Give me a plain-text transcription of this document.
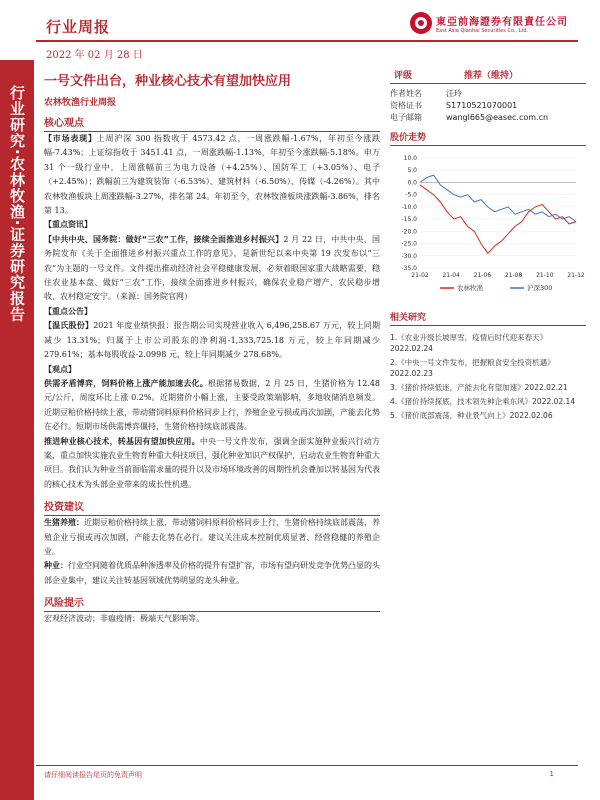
行业周报	東亞前海證券有限責任公司
East Asia Qianhai Securities Co., Ltd.
2022 年 02 月 28 日
行业研究·农林牧渔·证券研究报告
一号文件出台，种业核心技术有望加快应用
农林牧渔行业周报
核心观点

【市场表现】上周沪深 300 指数收于 4573.42 点，一周涨跌幅-1.67%，年初至今涨跌幅-7.43%；上证综指收于 3451.41 点，一周涨跌幅-1.13%，年初至今涨跌幅-5.18%。申万 31 个一级行业中，上周涨幅前三为电力设备（+4.25%）、国防军工（+3.05%）、电子（+2.45%）；跌幅前三为建筑装饰（-6.53%）、建筑材料（-6.50%）、传媒（-4.26%）。其中农林牧渔板块上周涨跌幅-3.27%，排名第 24。年初至今，农林牧渔板块涨跌幅-3.86%，排名第 13。

【重点资讯】

【中共中央、国务院：做好“三农”工作，接续全面推进乡村振兴】2 月 22 日，中共中央、国务院发布《关于全面推进乡村振兴重点工作的意见》，是新世纪以来中央第 19 次发布以“三农”为主题的一号文件。文件提出推动经济社会平稳健康发展，必须着眼国家重大战略需要，稳住农业基本盘、做好“三农”工作，接续全面推进乡村振兴，确保农业稳产增产、农民稳步增收、农村稳定安宁。（来源：国务院官网）

【重点公告】

【温氏股份】2021 年度业绩快报：报告期公司实现营业收入 6,496,258.67 万元，较上同期减少 13.31%；归属于上市公司股东的净利润-1,333,725.18 万元，较上年同期减少 279.61%；基本每股收益-2.0998 元，较上年同期减少 278.68%。

【观点】

供需矛盾博弈，饲料价格上涨产能加速去化。根据猪易数据，2 月 25 日，生猪价格为 12.48 元/公斤，周度环比上涨 0.2%。近期猪价小幅上涨，主要受政策端影响，多地收储消息频发。近期豆粕价格持续上涨，带动猪饲料原料价格同步上行，养殖企业亏损或再次加剧，产能去化势在必行。短期市场供需博弈僵持，生猪价格持续底部震荡。

推进种业核心技术，转基因有望加快应用。中央一号文件发布，强调全面实施种业振兴行动方案，重点加快实施农业生物育种重大科技项目，强化种业知识产权保护，启动农业生物育种重大项目。我们认为种业当前面临需求量的提升以及市场环境改善的周期性机会叠加以转基因为代表的核心技术为头部企业带来的成长性机遇。

投资建议

生猪养殖：近期豆粕价格持续上涨，带动猪饲料原料价格同步上行，生猪价格持续底部震荡，养殖企业亏损或再次加剧，产能去化势在必行。建议关注成本控制优质显著、经营稳健的养殖企业。

种业：行业空间随着优质品种渗透率及价格的提升有望扩容，市场有望向研发竞争优势凸显的头部企业集中，建议关注转基因领域优势明显的龙头种业。

风险提示

宏观经济波动；非瘟疫情；极端天气影响等。

评级	推荐（维持）
作者姓名	汪玲
资格证书	S1710521070001
电子邮箱	wangl665@easec.com.cn
股价走势
10.0
5.0
0.0
-5.0
-10.0
-15.0
-20.0
-25.0
-30.0
-35.0
21-02 21-04 21-06 21-08 21-10 21-12
农林牧渔	沪深300
相关研究
1.《农业升级长坡厚雪，疫情后时代迎来春天》2022.02.24
2.《中央一号文件发布，把握粮食安全投资机遇》2022.02.23
3.《猪价持续低迷，产能去化有望加速》2022.02.21
4.《猪价持续探底，技术领先种企乘东风》2022.02.14
5.《猪价底部震荡，种业景气向上》2022.02.06
请仔细阅读报告尾页的免责声明	1
